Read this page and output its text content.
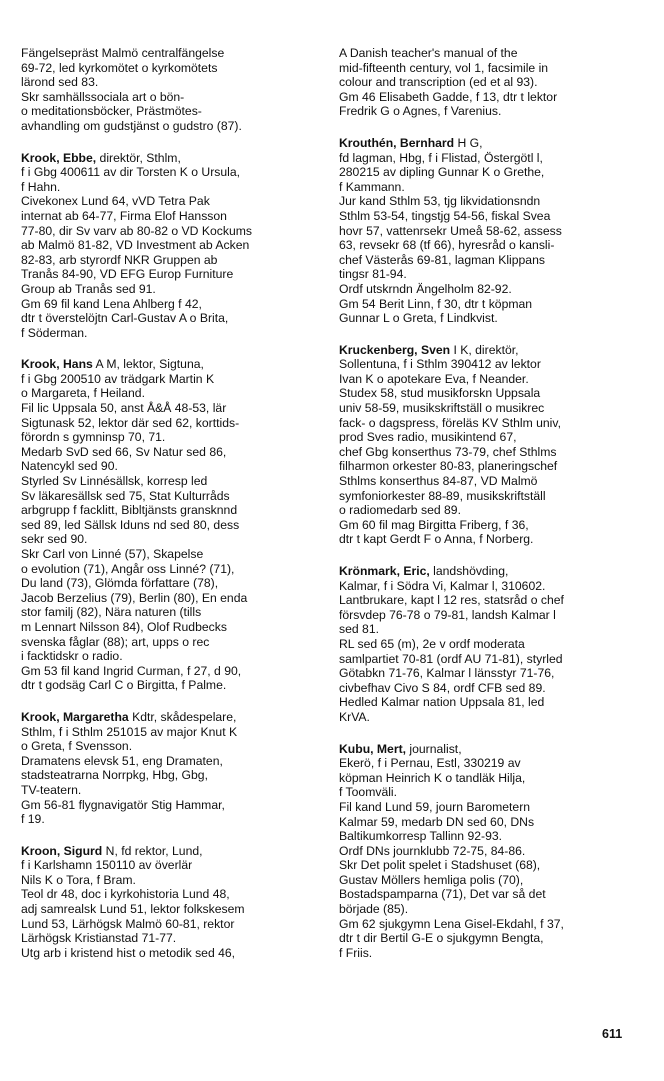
Fängelsepräst Malmö centralfängelse
69-72, led kyrkomötet o kyrkomötets
lärond sed 83.
Skr samhällssociala art o bön-
o meditationsböcker, Prästmötes-
avhandling om gudstjänst o gudstro (87).
Krook, Ebbe, direktör, Sthlm,
f i Gbg 400611 av dir Torsten K o Ursula,
f Hahn.
Civekonex Lund 64, vVD Tetra Pak
internat ab 64-77, Firma Elof Hansson
77-80, dir Sv varv ab 80-82 o VD Kockums
ab Malmö 81-82, VD Investment ab Acken
82-83, arb styrordf NKR Gruppen ab
Tranås 84-90, VD EFG Europ Furniture
Group ab Tranås sed 91.
Gm 69 fil kand Lena Ahlberg f 42,
dtr t överstelöjtn Carl-Gustav A o Brita,
f Söderman.
Krook, Hans A M, lektor, Sigtuna,
f i Gbg 200510 av trädgark Martin K
o Margareta, f Heiland.
Fil lic Uppsala 50, anst Å&Å 48-53, lär
Sigtunask 52, lektor där sed 62, korttids-
förordn s gymninsp 70, 71.
Medarb SvD sed 66, Sv Natur sed 86,
Natencykl sed 90.
Styrled Sv Linnésällsk, korresp led
Sv läkaresällsk sed 75, Stat Kulturråds
arbgrupp f facklitt, Bibltjänsts gransknnd
sed 89, led Sällsk Iduns nd sed 80, dess
sekr sed 90.
Skr Carl von Linné (57), Skapelse
o evolution (71), Angår oss Linné? (71),
Du land (73), Glömda författare (78),
Jacob Berzelius (79), Berlin (80), En enda
stor familj (82), Nära naturen (tills
m Lennart Nilsson 84), Olof Rudbecks
svenska fåglar (88); art, upps o rec
i facktidskr o radio.
Gm 53 fil kand Ingrid Curman, f 27, d 90,
dtr t godsäg Carl C o Birgitta, f Palme.
Krook, Margaretha Kdtr, skådespelare,
Sthlm, f i Sthlm 251015 av major Knut K
o Greta, f Svensson.
Dramatens elevsk 51, eng Dramaten,
stadsteatrarna Norrpkg, Hbg, Gbg,
TV-teatern.
Gm 56-81 flygnavigatör Stig Hammar,
f 19.
Kroon, Sigurd N, fd rektor, Lund,
f i Karlshamn 150110 av överlär
Nils K o Tora, f Bram.
Teol dr 48, doc i kyrkohistoria Lund 48,
adj samrealsk Lund 51, lektor folkskesem
Lund 53, Lärhögsk Malmö 60-81, rektor
Lärhögsk Kristianstad 71-77.
Utg arb i kristend hist o metodik sed 46,
A Danish teacher's manual of the
mid-fifteenth century, vol 1, facsimile in
colour and transcription (ed et al 93).
Gm 46 Elisabeth Gadde, f 13, dtr t lektor
Fredrik G o Agnes, f Varenius.
Krouthén, Bernhard H G,
fd lagman, Hbg, f i Flistad, Östergötl l,
280215 av dipling Gunnar K o Grethe,
f Kammann.
Jur kand Sthlm 53, tjg likvidationsndn
Sthlm 53-54, tingstjg 54-56, fiskal Svea
hovr 57, vattenrsekr Umeå 58-62, assess
63, revsekr 68 (tf 66), hyresråd o kansli-
chef Västerås 69-81, lagman Klippans
tingsr 81-94.
Ordf utskrndn Ängelholm 82-92.
Gm 54 Berit Linn, f 30, dtr t köpman
Gunnar L o Greta, f Lindkvist.
Kruckenberg, Sven I K, direktör,
Sollentuna, f i Sthlm 390412 av lektor
Ivan K o apotekare Eva, f Neander.
Studex 58, stud musikforskn Uppsala
univ 58-59, musikskriftställ o musikrec
fack- o dagspress, föreläs KV Sthlm univ,
prod Sves radio, musikintend 67,
chef Gbg konserthus 73-79, chef Sthlms
filharmon orkester 80-83, planeringschef
Sthlms konserthus 84-87, VD Malmö
symfoniorkester 88-89, musikskriftställ
o radiomedarb sed 89.
Gm 60 fil mag Birgitta Friberg, f 36,
dtr t kapt Gerdt F o Anna, f Norberg.
Krönmark, Eric, landshövding,
Kalmar, f i Södra Vi, Kalmar l, 310602.
Lantbrukare, kapt l 12 res, statsråd o chef
försvdep 76-78 o 79-81, landsh Kalmar l
sed 81.
RL sed 65 (m), 2e v ordf moderata
samlpartiet 70-81 (ordf AU 71-81), styrled
Götabkn 71-76, Kalmar l länsstyr 71-76,
civbefhav Civo S 84, ordf CFB sed 89.
Hedled Kalmar nation Uppsala 81, led
KrVA.
Kubu, Mert, journalist,
Ekerö, f i Pernau, Estl, 330219 av
köpman Heinrich K o tandläk Hilja,
f Toomväli.
Fil kand Lund 59, journ Barometern
Kalmar 59, medarb DN sed 60, DNs
Baltikumkorresp Tallinn 92-93.
Ordf DNs journklubb 72-75, 84-86.
Skr Det polit spelet i Stadshuset (68),
Gustav Möllers hemliga polis (70),
Bostadspamparna (71), Det var så det
började (85).
Gm 62 sjukgymn Lena Gisel-Ekdahl, f 37,
dtr t dir Bertil G-E o sjukgymn Bengta,
f Friis.
611
